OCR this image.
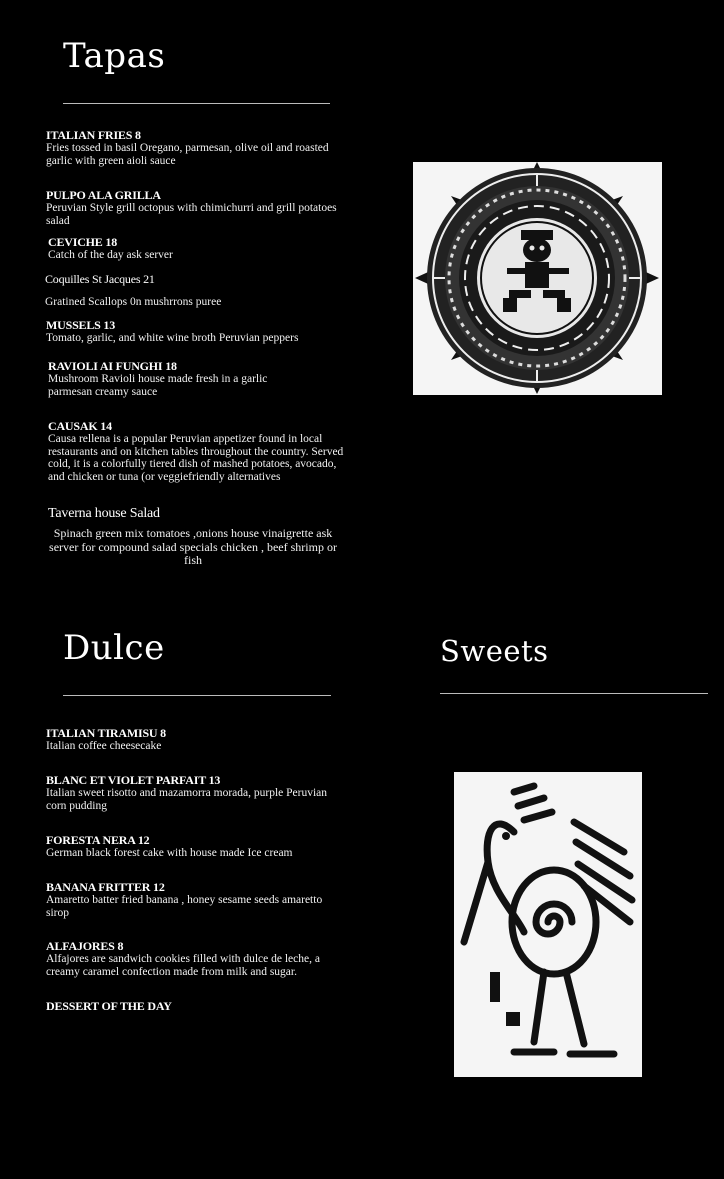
Tapas
ITALIAN FRIES 8
Fries tossed in basil Oregano, parmesan, olive oil and roasted garlic with green aioli sauce
PULPO ALA GRILLA
Peruvian Style grill octopus with chimichurri and grill potatoes salad
CEVICHE 18
Catch of the day ask server
Coquilles St Jacques 21
Gratined Scallops 0n mushrrons puree
MUSSELS 13
Tomato, garlic, and white wine broth Peruvian peppers
RAVIOLI AI FUNGHI 18
Mushroom Ravioli house made fresh in a garlic parmesan creamy sauce
CAUSAK 14
Causa rellena is a popular Peruvian appetizer found in local restaurants and on kitchen tables throughout the country. Served cold, it is a colorfully tiered dish of mashed potatoes, avocado, and chicken or tuna (or veggiefriendly alternatives
Taverna house Salad
Spinach green mix tomatoes ,onions house vinaigrette ask server for compound salad specials chicken , beef shrimp or fish
Dulce
ITALIAN TIRAMISU 8
Italian coffee cheesecake
BLANC ET VIOLET PARFAIT 13
Italian sweet risotto and mazamorra morada, purple Peruvian corn pudding
FORESTA NERA 12
German black forest cake with house made Ice cream
BANANA FRITTER 12
Amaretto batter fried banana , honey sesame seeds amaretto sirop
ALFAJORES 8
Alfajores are sandwich cookies filled with dulce de leche, a creamy caramel confection made from milk and sugar.
DESSERT OF THE DAY
Sweets
